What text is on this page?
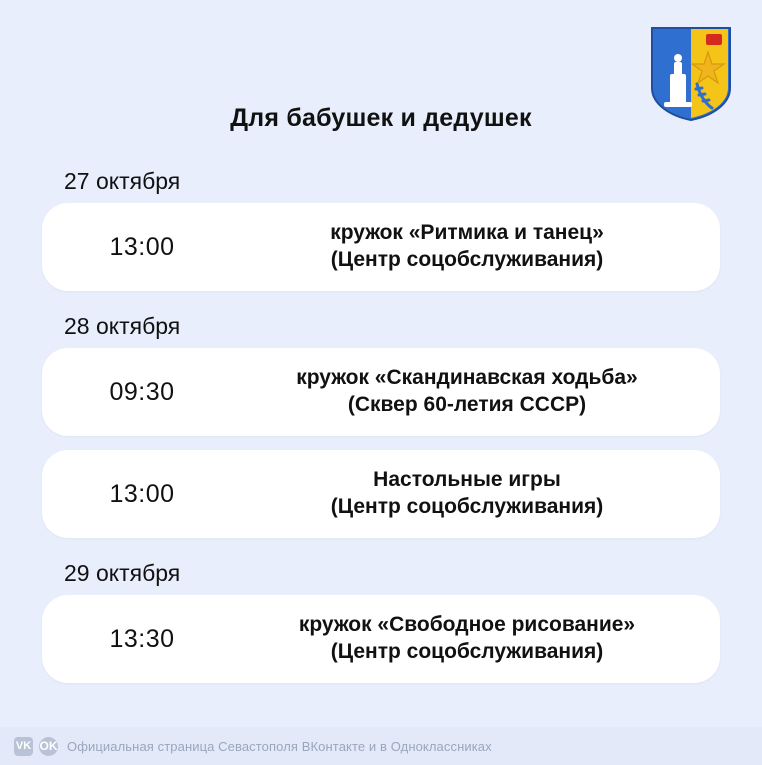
Для бабушек и дедушек
27 октября
13:00	кружок «Ритмика и танец»
(Центр соцобслуживания)
28 октября
09:30	кружок «Скандинавская ходьба»
(Сквер 60-летия СССР)
13:00	Настольные игры
(Центр соцобслуживания)
29 октября
13:30	кружок «Свободное рисование»
(Центр соцобслуживания)
VK OK Официальная страница Севастополя ВКонтакте и в Одноклассниках
